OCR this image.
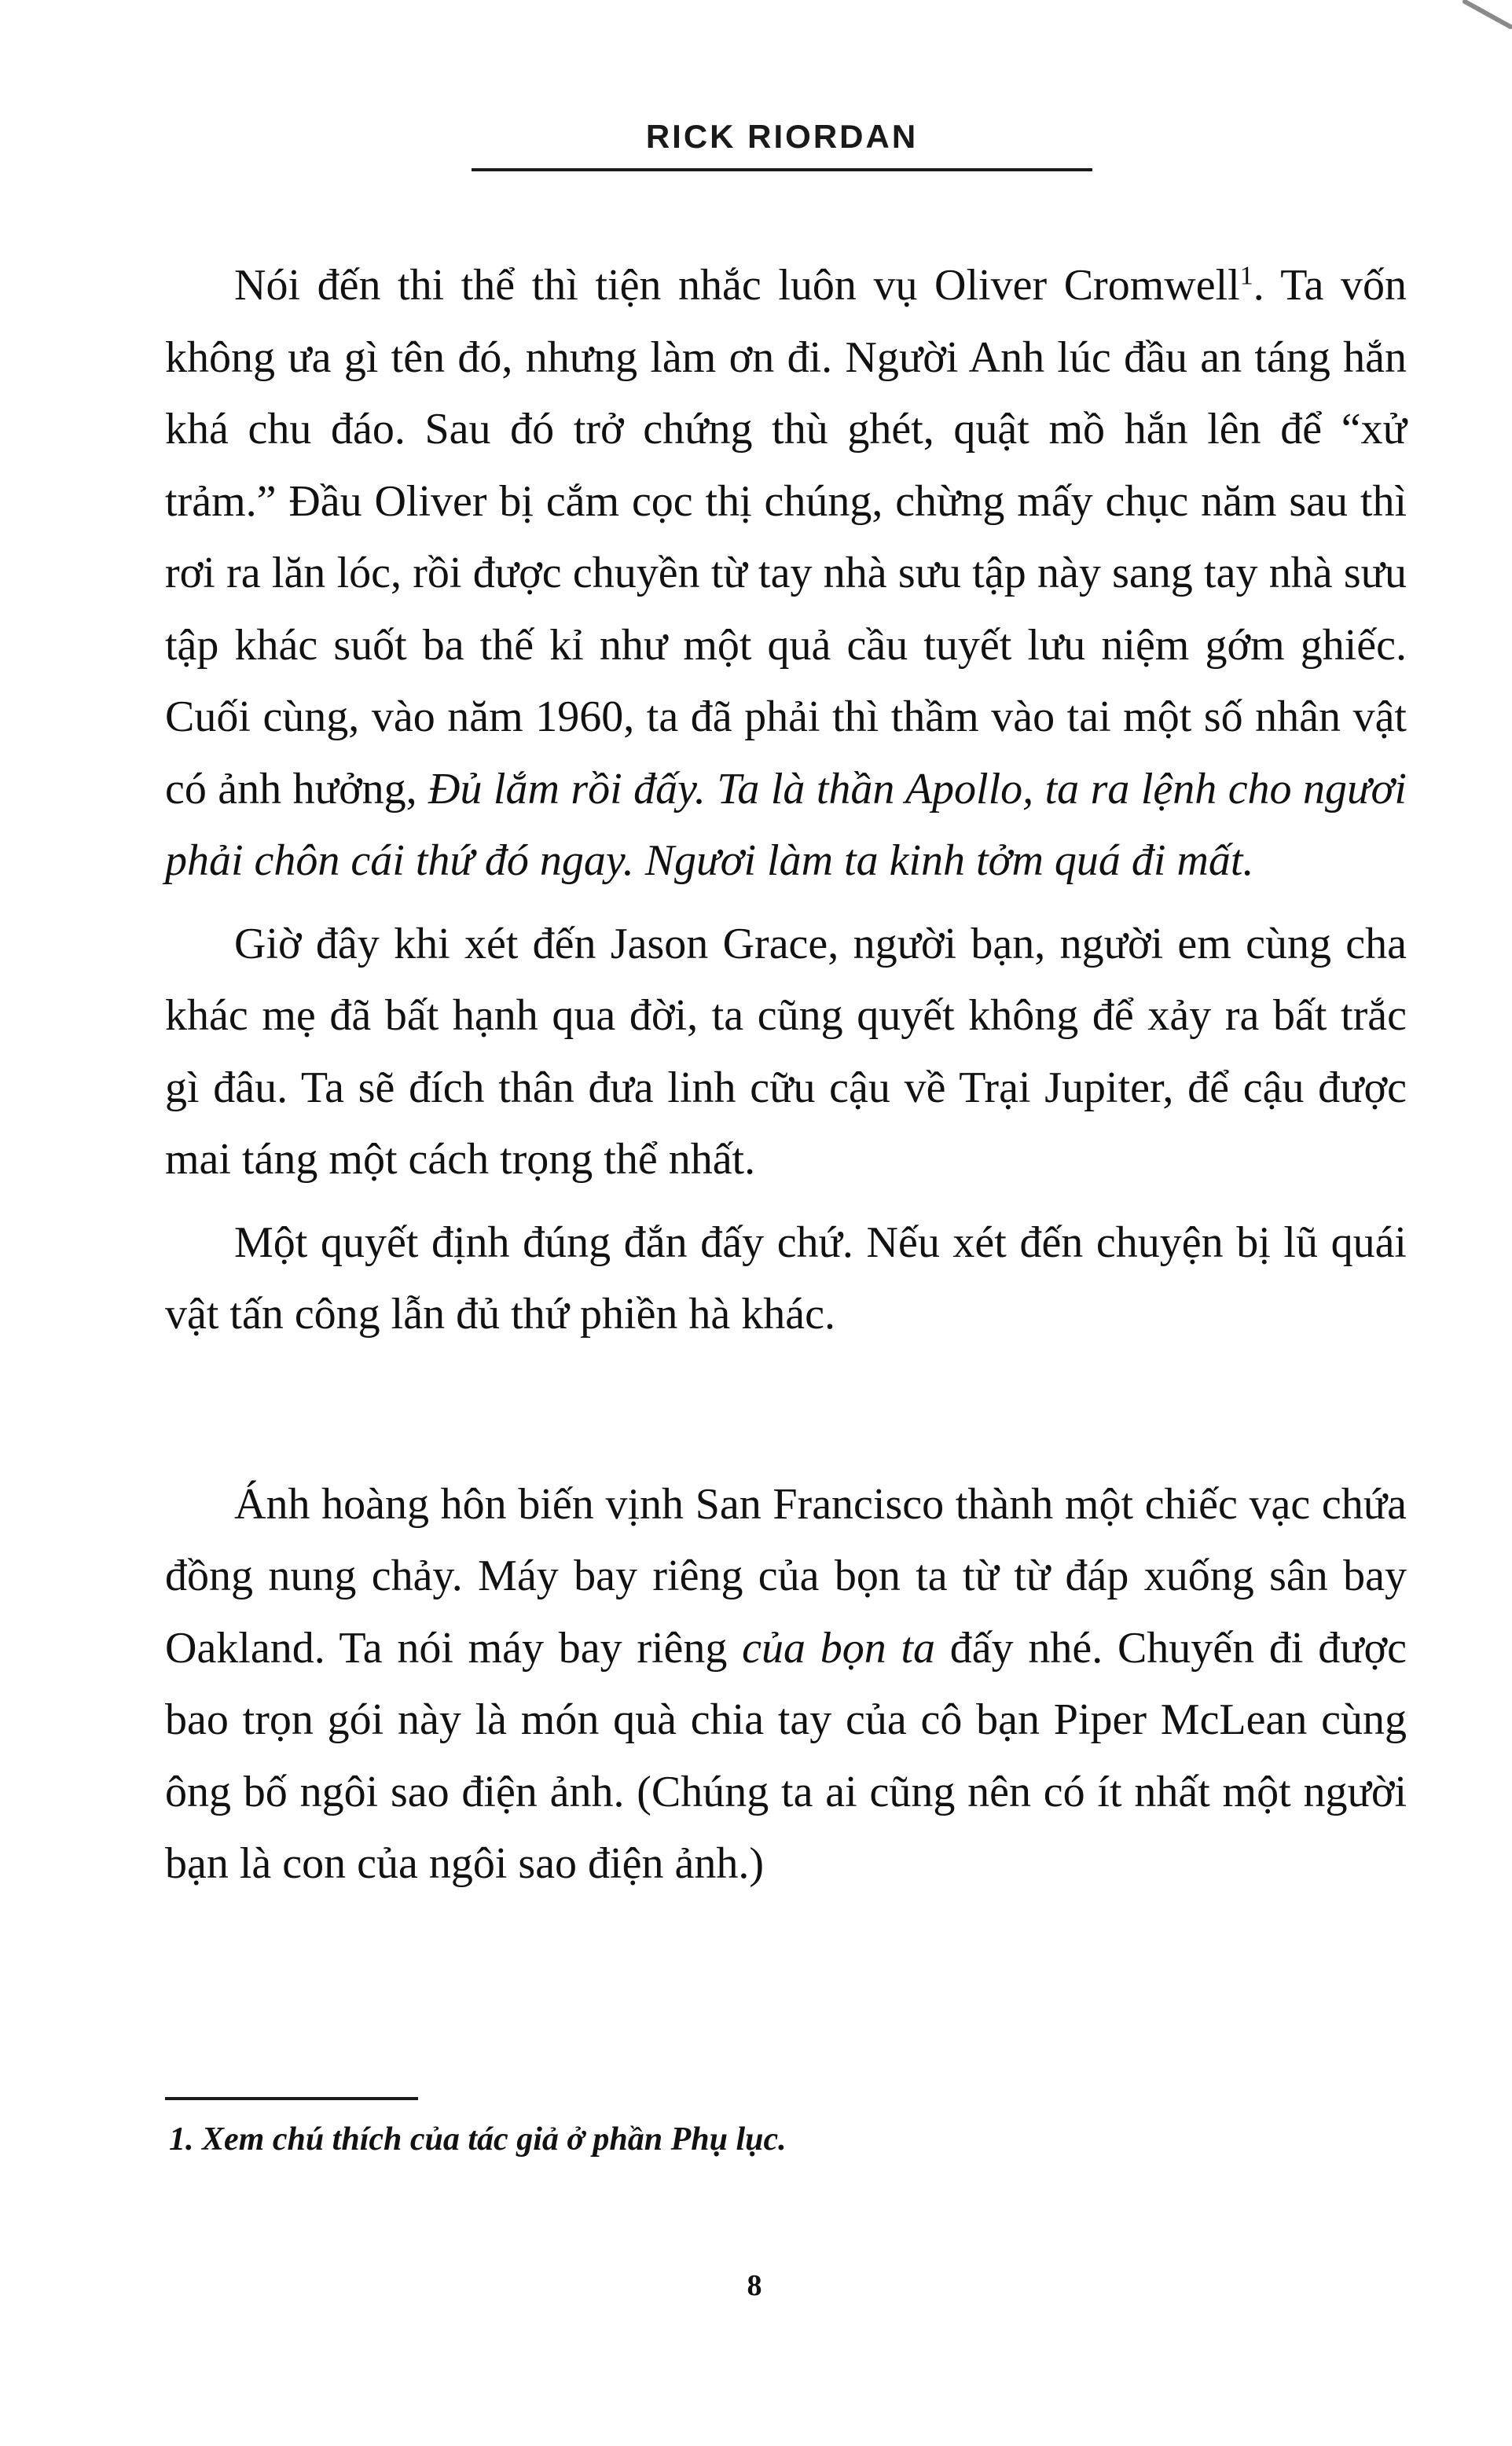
RICK RIORDAN

Nói đến thi thể thì tiện nhắc luôn vụ Oliver Cromwell$^1$. Ta vốn không ưa gì tên đó, nhưng làm ơn đi. Người Anh lúc đầu an táng hắn khá chu đáo. Sau đó trở chứng thù ghét, quật mồ hắn lên để “xử trảm.” Đầu Oliver bị cắm cọc thị chúng, chừng mấy chục năm sau thì rơi ra lăn lóc, rồi được chuyền từ tay nhà sưu tập này sang tay nhà sưu tập khác suốt ba thế kỉ như một quả cầu tuyết lưu niệm gớm ghiếc. Cuối cùng, vào năm 1960, ta đã phải thì thầm vào tai một số nhân vật có ảnh hưởng, Đủ lắm rồi đấy. Ta là thần Apollo, ta ra lệnh cho ngươi phải chôn cái thứ đó ngay. Ngươi làm ta kinh tởm quá đi mất.

Giờ đây khi xét đến Jason Grace, người bạn, người em cùng cha khác mẹ đã bất hạnh qua đời, ta cũng quyết không để xảy ra bất trắc gì đâu. Ta sẽ đích thân đưa linh cữu cậu về Trại Jupiter, để cậu được mai táng một cách trọng thể nhất.

Một quyết định đúng đắn đấy chứ. Nếu xét đến chuyện bị lũ quái vật tấn công lẫn đủ thứ phiền hà khác.

Ánh hoàng hôn biến vịnh San Francisco thành một chiếc vạc chứa đồng nung chảy. Máy bay riêng của bọn ta từ từ đáp xuống sân bay Oakland. Ta nói máy bay riêng của bọn ta đấy nhé. Chuyến đi được bao trọn gói này là món quà chia tay của cô bạn Piper McLean cùng ông bố ngôi sao điện ảnh. (Chúng ta ai cũng nên có ít nhất một người bạn là con của ngôi sao điện ảnh.)

1. Xem chú thích của tác giả ở phần Phụ lục.
8
